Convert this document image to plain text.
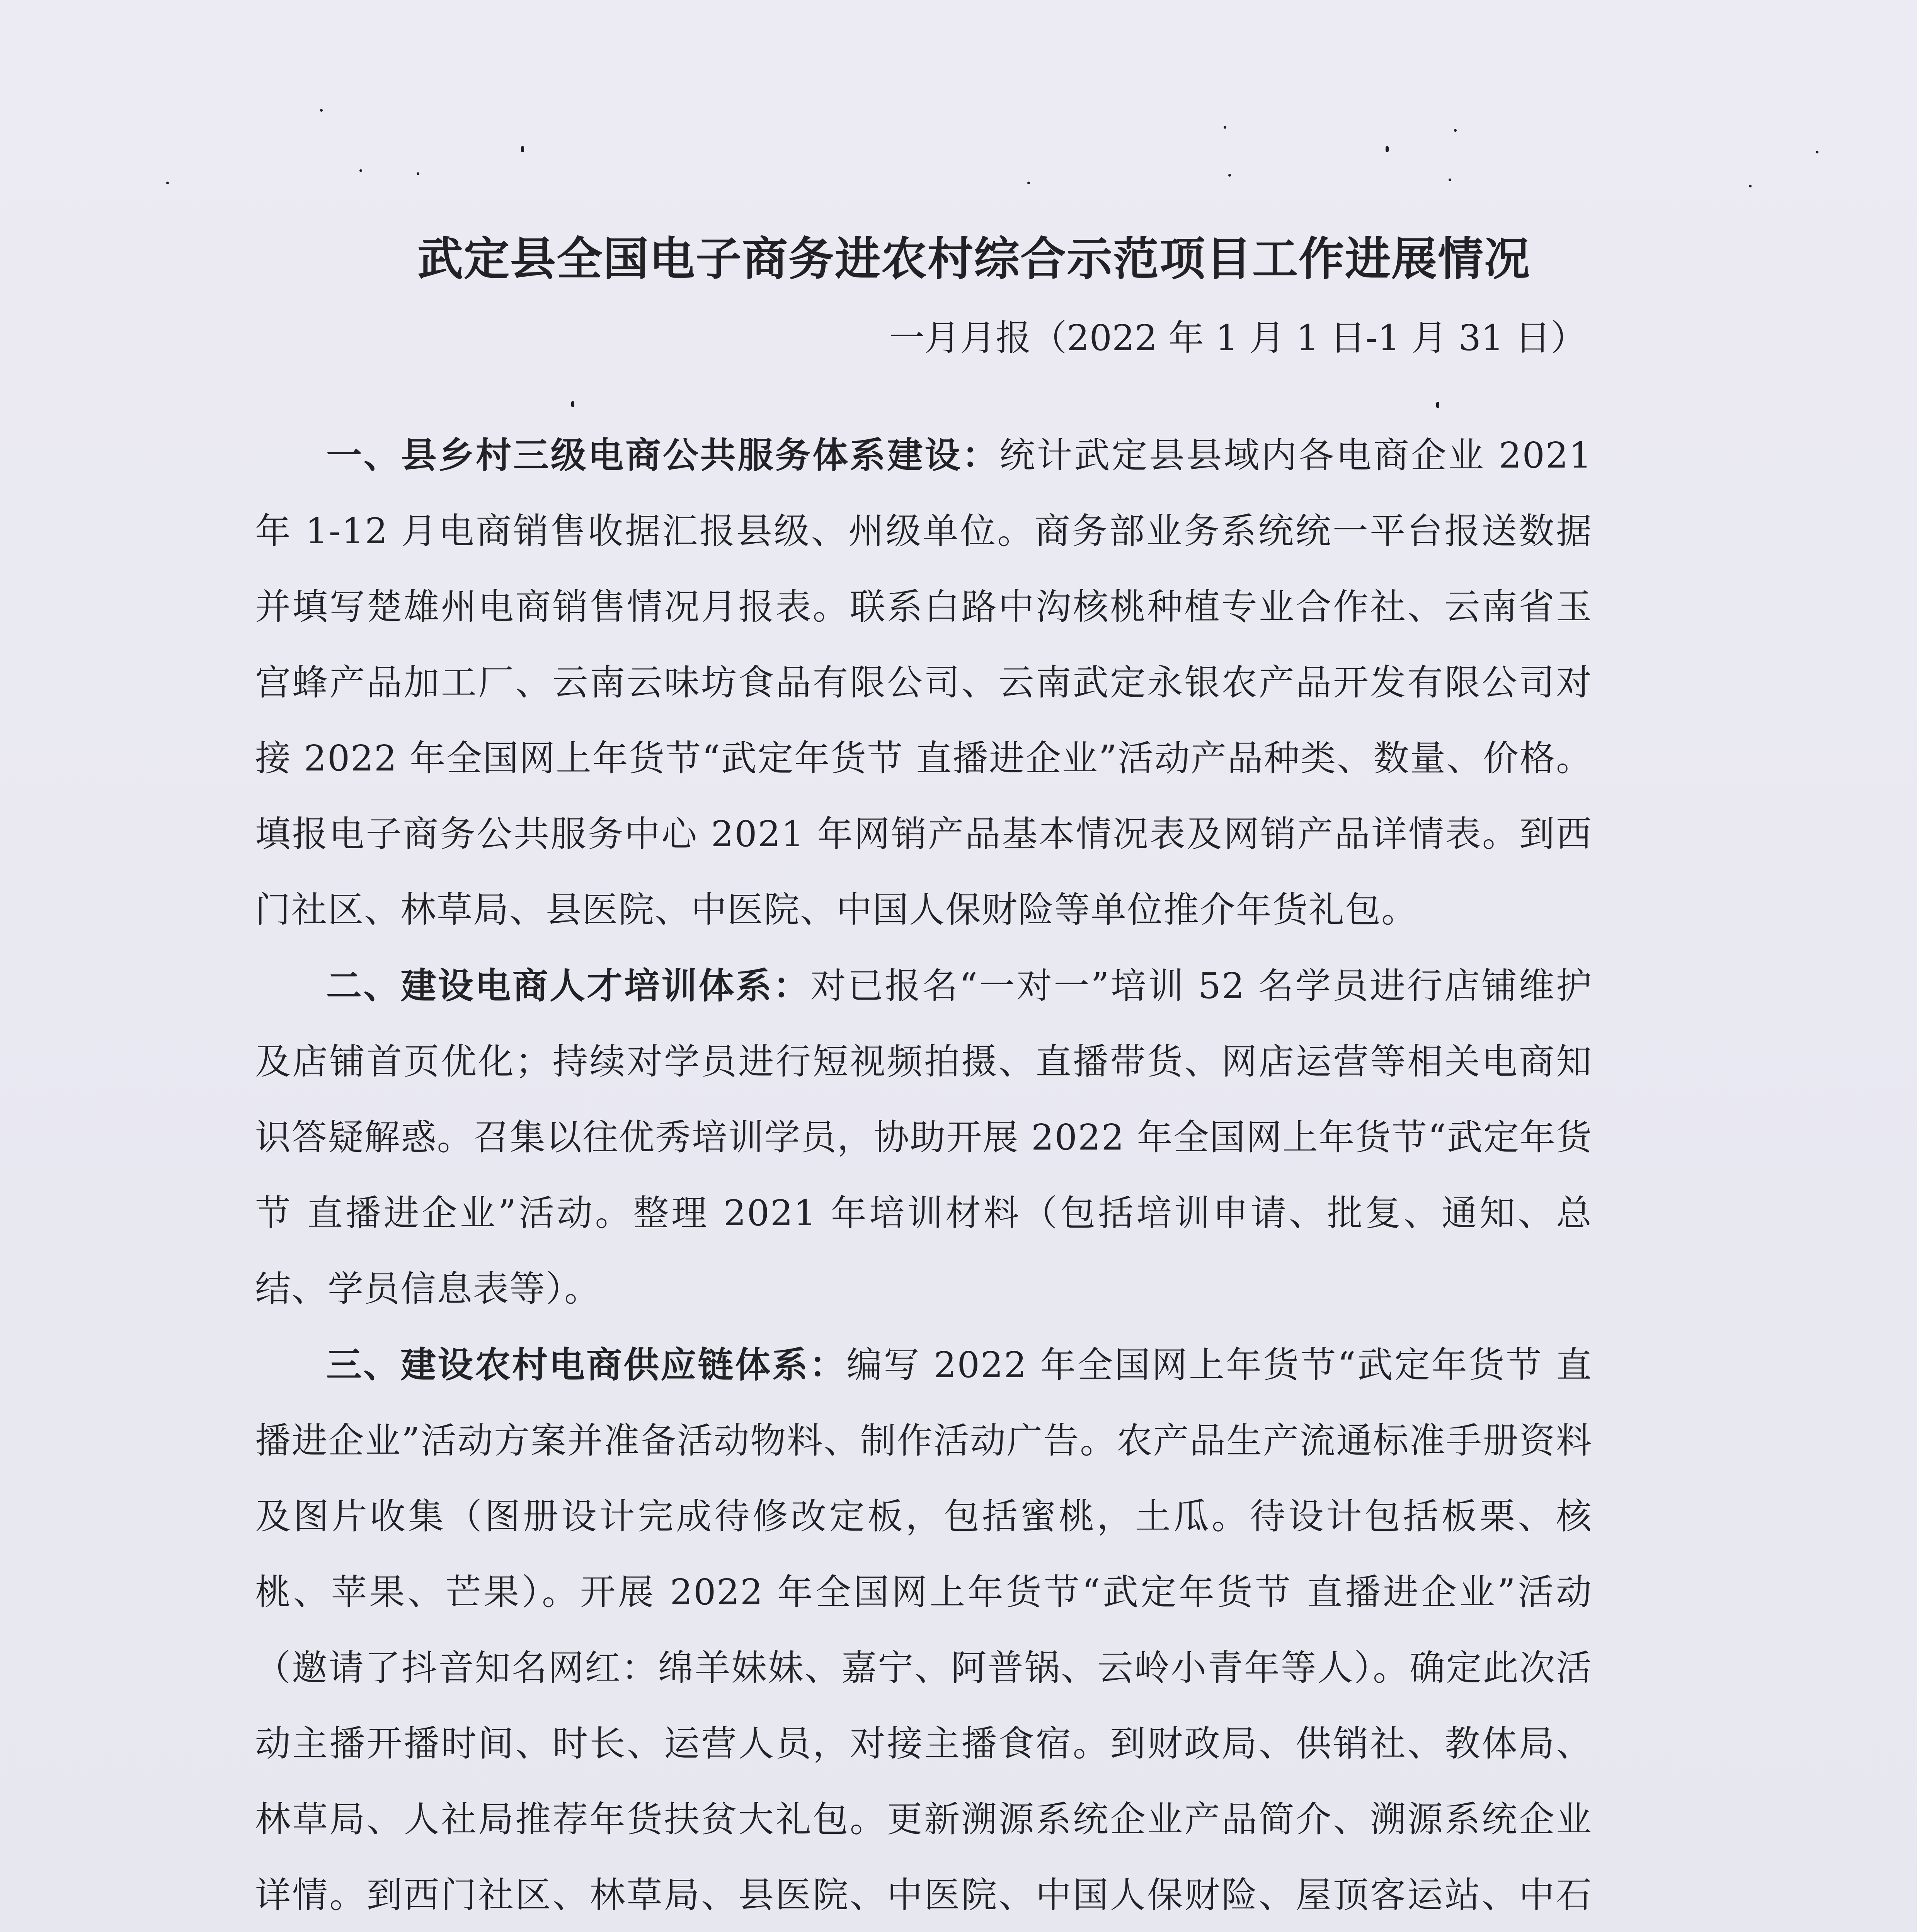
武定县全国电子商务进农村综合示范项目工作进展情况

一月月报（2022 年 1 月 1 日-1 月 31 日）

一、县乡村三级电商公共服务体系建设：统计武定县县域内各电商企业 2021 年 1-12 月电商销售收据汇报县级、州级单位。商务部业务系统统一平台报送数据并填写楚雄州电商销售情况月报表。联系白路中沟核桃种植专业合作社、云南省玉宫蜂产品加工厂、云南云味坊食品有限公司、云南武定永银农产品开发有限公司对接 2022 年全国网上年货节“武定年货节 直播进企业”活动产品种类、数量、价格。填报电子商务公共服务中心 2021 年网销产品基本情况表及网销产品详情表。到西门社区、林草局、县医院、中医院、中国人保财险等单位推介年货礼包。

二、建设电商人才培训体系：对已报名“一对一”培训 52 名学员进行店铺维护及店铺首页优化；持续对学员进行短视频拍摄、直播带货、网店运营等相关电商知识答疑解惑。召集以往优秀培训学员，协助开展 2022 年全国网上年货节“武定年货节 直播进企业”活动。整理 2021 年培训材料（包括培训申请、批复、通知、总结、学员信息表等）。

三、建设农村电商供应链体系：编写 2022 年全国网上年货节“武定年货节 直播进企业”活动方案并准备活动物料、制作活动广告。农产品生产流通标准手册资料及图片收集（图册设计完成待修改定板，包括蜜桃，土瓜。待设计包括板栗、核桃、苹果、芒果）。开展 2022 年全国网上年货节“武定年货节 直播进企业”活动（邀请了抖音知名网红：绵羊妹妹、嘉宁、阿普锅、云岭小青年等人）。确定此次活动主播开播时间、时长、运营人员，对接主播食宿。到财政局、供销社、教体局、林草局、人社局推荐年货扶贫大礼包。更新溯源系统企业产品简介、溯源系统企业详情。到西门社区、林草局、县医院、中医院、中国人保财险、屋顶客运站、中石
